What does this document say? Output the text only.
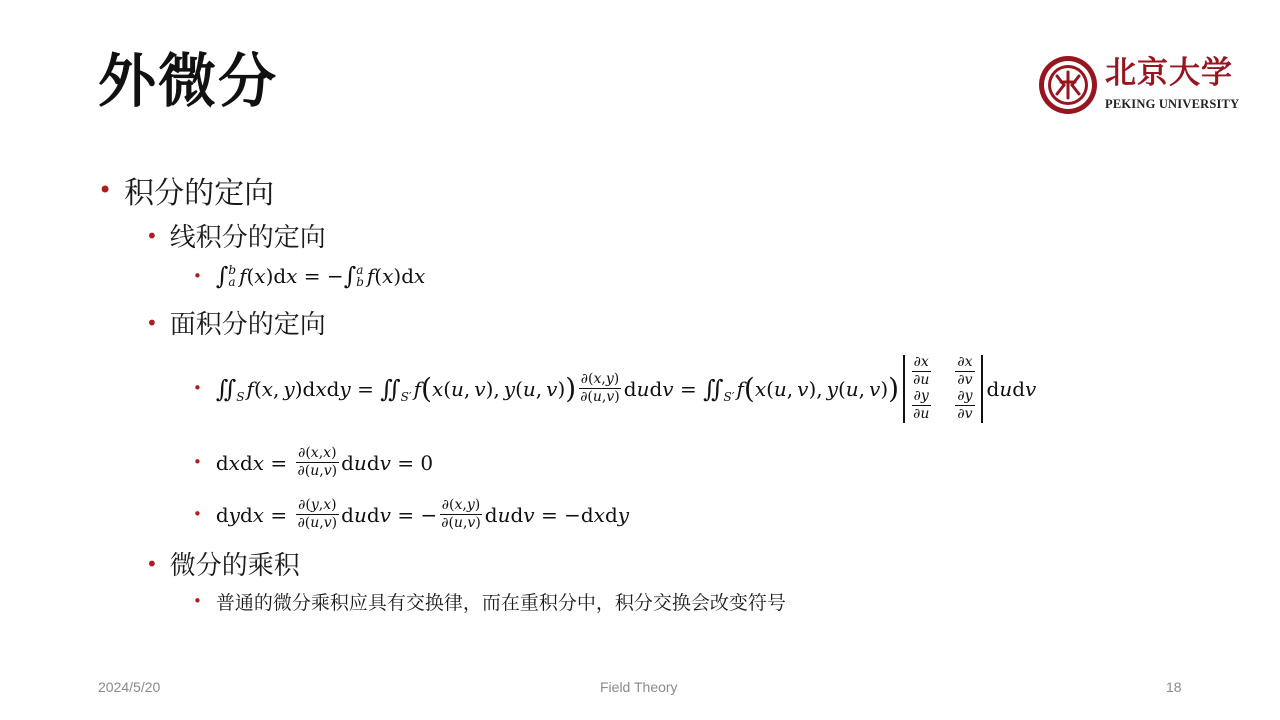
外微分	北京大学
PEKING UNIVERSITY
• 积分的定向
• 线积分的定向
• ∫ b
a f ( x )d x = − ∫ a
b f ( x )d x
• 面积分的定向
• ∬ S f ( x ,  y )d x d y = ∬ S′ f ( x ( u ,  v ),  y ( u ,  v ) ) $\frac{\partial(x,y)}{\partial(u,v)}$ d u d v = ∬ S′ f ( x ( u ,  v ),  y ( u ,  v ) ) $\frac{\partial x}{\partial u} \frac{\partial x}{\partial v}$
$\frac{\partial y}{\partial u} \frac{\partial y}{\partial v}$ d u d v
• d x d $x = \frac{\partial(x,x)}{\partial(u,v)}$ d u d v = 0
• d y d $x = \frac{\partial(y,x)}{\partial(u,v)}$ d u d v = − $\frac{\partial(x,y)}{\partial(u,v)}$ d u d v = −d x d y
• 微分的乘积
• 普通的微分乘积应具有交换律，而在重积分中，积分交换会改变符号
2024/5/20	Field Theory	18
